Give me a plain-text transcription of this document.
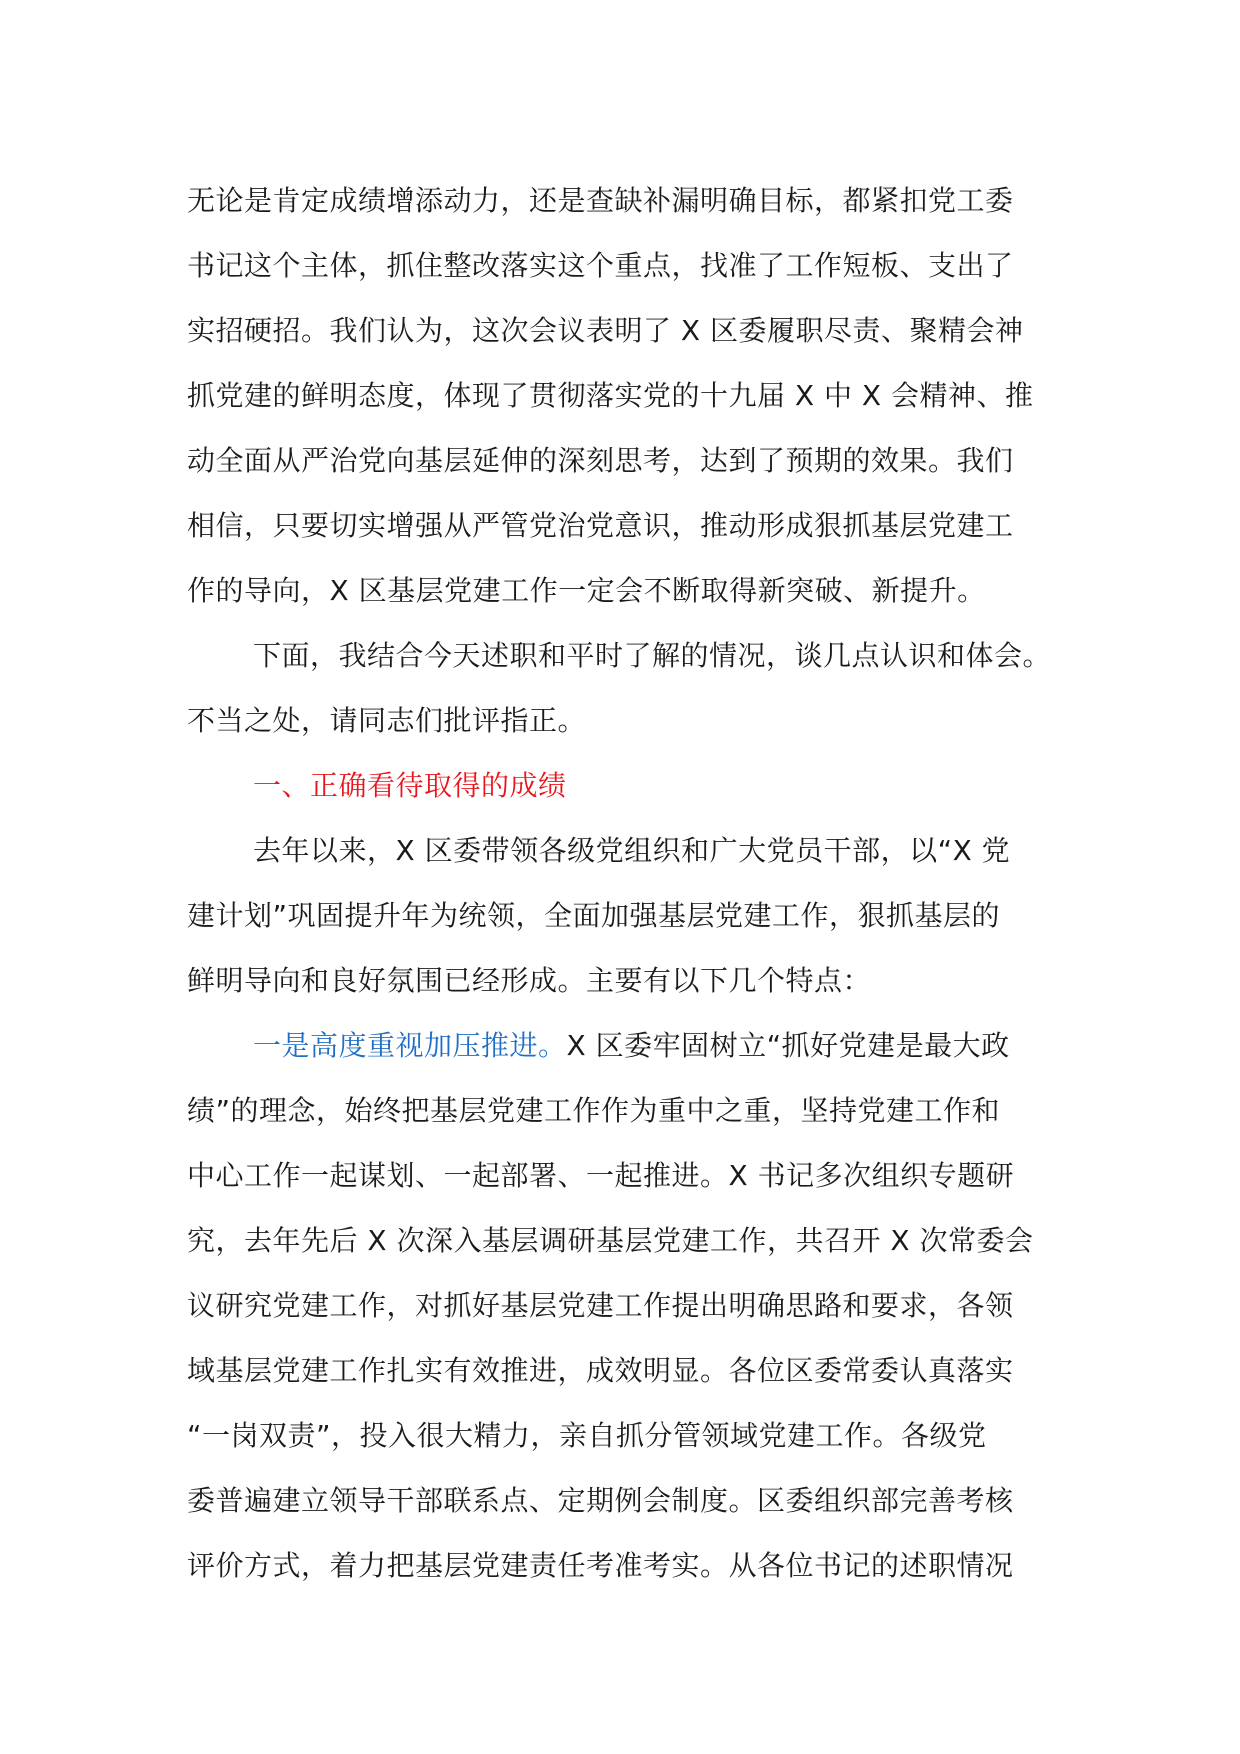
无论是肯定成绩增添动力，还是查缺补漏明确目标，都紧扣党工委
书记这个主体，抓住整改落实这个重点，找准了工作短板、支出了
实招硬招。我们认为，这次会议表明了 X 区委履职尽责、聚精会神
抓党建的鲜明态度，体现了贯彻落实党的十九届 X 中 X 会精神、推
动全面从严治党向基层延伸的深刻思考，达到了预期的效果。我们
相信，只要切实增强从严管党治党意识，推动形成狠抓基层党建工
作的导向，X 区基层党建工作一定会不断取得新突破、新提升。
下面，我结合今天述职和平时了解的情况，谈几点认识和体会。
不当之处，请同志们批评指正。
一、正确看待取得的成绩
去年以来，X 区委带领各级党组织和广大党员干部，以“X 党
建计划”巩固提升年为统领，全面加强基层党建工作，狠抓基层的
鲜明导向和良好氛围已经形成。主要有以下几个特点：
一是高度重视加压推进。X 区委牢固树立“抓好党建是最大政
绩”的理念，始终把基层党建工作作为重中之重，坚持党建工作和
中心工作一起谋划、一起部署、一起推进。X 书记多次组织专题研
究，去年先后 X 次深入基层调研基层党建工作，共召开 X 次常委会
议研究党建工作，对抓好基层党建工作提出明确思路和要求，各领
域基层党建工作扎实有效推进，成效明显。各位区委常委认真落实
“一岗双责”，投入很大精力，亲自抓分管领域党建工作。各级党
委普遍建立领导干部联系点、定期例会制度。区委组织部完善考核
评价方式，着力把基层党建责任考准考实。从各位书记的述职情况
